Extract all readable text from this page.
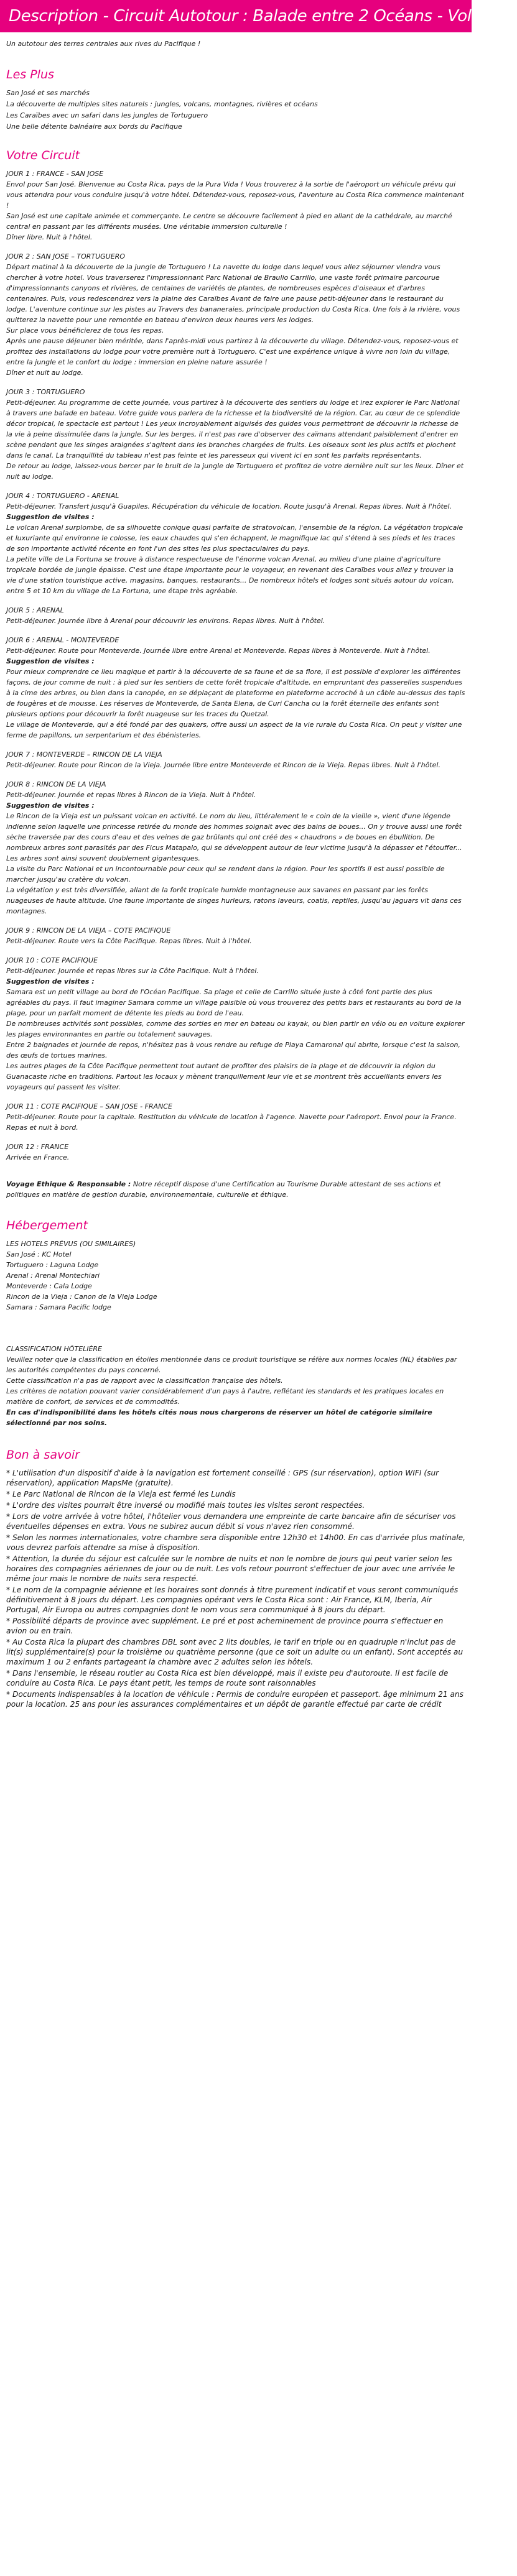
Description - Circuit Autotour : Balade entre 2 Océans - Vols Flex
Un autotour des terres centrales aux rives du Pacifique !
Les Plus
San José et ses marchés
La découverte de multiples sites naturels : jungles, volcans, montagnes, rivières et océans
Les Caraïbes avec un safari dans les jungles de Tortuguero
Une belle détente balnéaire aux bords du Pacifique
Votre Circuit
JOUR 1 : FRANCE - SAN JOSE
Envol pour San José. Bienvenue au Costa Rica, pays de la Pura Vida ! Vous trouverez à la sortie de l'aéroport un véhicule prévu qui vous attendra pour vous conduire jusqu'à votre hôtel. Détendez-vous, reposez-vous, l'aventure au Costa Rica commence maintenant !
San José est une capitale animée et commerçante. Le centre se découvre facilement à pied en allant de la cathédrale, au marché central en passant par les différents musées. Une véritable immersion culturelle !
Dîner libre. Nuit à l'hôtel.
JOUR 2 : SAN JOSE – TORTUGUERO
Départ matinal à la découverte de la jungle de Tortuguero ! La navette du lodge dans lequel vous allez séjourner viendra vous chercher à votre hotel. Vous traverserez l'impressionnant Parc National de Braulio Carrillo, une vaste forêt primaire parcourue d'impressionnants canyons et rivières, de centaines de variétés de plantes, de nombreuses espèces d'oiseaux et d'arbres centenaires. Puis, vous redescendrez vers la plaine des Caraïbes Avant de faire une pause petit-déjeuner dans le restaurant du lodge. L'aventure continue sur les pistes au Travers des bananeraies, principale production du Costa Rica. Une fois à la rivière, vous quitterez la navette pour une remontée en bateau d'environ deux heures vers les lodges.
Sur place vous bénéficierez de tous les repas.
Après une pause déjeuner bien méritée, dans l'après-midi vous partirez à la découverte du village. Détendez-vous, reposez-vous et profitez des installations du lodge pour votre première nuit à Tortuguero. C'est une expérience unique à vivre non loin du village, entre la jungle et le confort du lodge : immersion en pleine nature assurée !
Dîner et nuit au lodge.
JOUR 3 : TORTUGUERO
Petit-déjeuner. Au programme de cette journée, vous partirez à la découverte des sentiers du lodge et irez explorer le Parc National à travers une balade en bateau. Votre guide vous parlera de la richesse et la biodiversité de la région. Car, au cœur de ce splendide décor tropical, le spectacle est partout ! Les yeux incroyablement aiguisés des guides vous permettront de découvrir la richesse de la vie à peine dissimulée dans la jungle. Sur les berges, il n'est pas rare d'observer des caïmans attendant paisiblement d'entrer en scène pendant que les singes araignées s'agitent dans les branches chargées de fruits. Les oiseaux sont les plus actifs et piochent dans le canal. La tranquillité du tableau n'est pas feinte et les paresseux qui vivent ici en sont les parfaits représentants.
De retour au lodge, laissez-vous bercer par le bruit de la jungle de Tortuguero et profitez de votre dernière nuit sur les lieux. Dîner et nuit au lodge.
JOUR 4 : TORTUGUERO - ARENAL
Petit-déjeuner. Transfert jusqu'à Guapiles. Récupération du véhicule de location. Route jusqu'à Arenal. Repas libres. Nuit à l'hôtel.
Suggestion de visites :
Le volcan Arenal surplombe, de sa silhouette conique quasi parfaite de stratovolcan, l'ensemble de la région. La végétation tropicale et luxuriante qui environne le colosse, les eaux chaudes qui s'en échappent, le magnifique lac qui s'étend à ses pieds et les traces de son importante activité récente en font l'un des sites les plus spectaculaires du pays.
La petite ville de La Fortuna se trouve à distance respectueuse de l'énorme volcan Arenal, au milieu d'une plaine d'agriculture tropicale bordée de jungle épaisse. C'est une étape importante pour le voyageur, en revenant des Caraïbes vous allez y trouver la vie d'une station touristique active, magasins, banques, restaurants... De nombreux hôtels et lodges sont situés autour du volcan, entre 5 et 10 km du village de La Fortuna, une étape très agréable.
JOUR 5 : ARENAL
Petit-déjeuner. Journée libre à Arenal pour découvrir les environs. Repas libres. Nuit à l'hôtel.
JOUR 6 : ARENAL - MONTEVERDE
Petit-déjeuner. Route pour Monteverde. Journée libre entre Arenal et Monteverde. Repas libres à Monteverde. Nuit à l'hôtel.
Suggestion de visites :
Pour mieux comprendre ce lieu magique et partir à la découverte de sa faune et de sa flore, il est possible d'explorer les différentes façons, de jour comme de nuit : à pied sur les sentiers de cette forêt tropicale d'altitude, en empruntant des passerelles suspendues à la cime des arbres, ou bien dans la canopée, en se déplaçant de plateforme en plateforme accroché à un câble au-dessus des tapis de fougères et de mousse. Les réserves de Monteverde, de Santa Elena, de Curi Cancha ou la forêt éternelle des enfants sont plusieurs options pour découvrir la forêt nuageuse sur les traces du Quetzal.
Le village de Monteverde, qui a été fondé par des quakers, offre aussi un aspect de la vie rurale du Costa Rica. On peut y visiter une ferme de papillons, un serpentarium et des ébénisteries.
JOUR 7 : MONTEVERDE – RINCON DE LA VIEJA
Petit-déjeuner. Route pour Rincon de la Vieja. Journée libre entre Monteverde et Rincon de la Vieja. Repas libres. Nuit à l'hôtel.
JOUR 8 : RINCON DE LA VIEJA
Petit-déjeuner. Journée et repas libres à Rincon de la Vieja. Nuit à l'hôtel.
Suggestion de visites :
Le Rincon de la Vieja est un puissant volcan en activité. Le nom du lieu, littéralement le « coin de la vieille », vient d'une légende indienne selon laquelle une princesse retirée du monde des hommes soignait avec des bains de boues... On y trouve aussi une forêt sèche traversée par des cours d'eau et des veines de gaz brûlants qui ont créé des « chaudrons » de boues en ébullition. De nombreux arbres sont parasités par des Ficus Matapalo, qui se développent autour de leur victime jusqu'à la dépasser et l'étouffer... Les arbres sont ainsi souvent doublement gigantesques.
La visite du Parc National et un incontournable pour ceux qui se rendent dans la région. Pour les sportifs il est aussi possible de marcher jusqu'au cratère du volcan.
La végétation y est très diversifiée, allant de la forêt tropicale humide montagneuse aux savanes en passant par les forêts nuageuses de haute altitude. Une faune importante de singes hurleurs, ratons laveurs, coatis, reptiles, jusqu'au jaguars vit dans ces montagnes.
JOUR 9 : RINCON DE LA VIEJA – COTE PACIFIQUE
Petit-déjeuner. Route vers la Côte Pacifique. Repas libres. Nuit à l'hôtel.
JOUR 10 : COTE PACIFIQUE
Petit-déjeuner. Journée et repas libres sur la Côte Pacifique. Nuit à l'hôtel.
Suggestion de visites :
Samara est un petit village au bord de l'Océan Pacifique. Sa plage et celle de Carrillo située juste à côté font partie des plus agréables du pays. Il faut imaginer Samara comme un village paisible où vous trouverez des petits bars et restaurants au bord de la plage, pour un parfait moment de détente les pieds au bord de l'eau.
De nombreuses activités sont possibles, comme des sorties en mer en bateau ou kayak, ou bien partir en vélo ou en voiture explorer les plages environnantes en partie ou totalement sauvages.
Entre 2 baignades et journée de repos, n'hésitez pas à vous rendre au refuge de Playa Camaronal qui abrite, lorsque c'est la saison, des œufs de tortues marines.
Les autres plages de la Côte Pacifique permettent tout autant de profiter des plaisirs de la plage et de découvrir la région du Guanacaste riche en traditions. Partout les locaux y mènent tranquillement leur vie et se montrent très accueillants envers les voyageurs qui passent les visiter.
JOUR 11 : COTE PACIFIQUE – SAN JOSE - FRANCE
Petit-déjeuner. Route pour la capitale. Restitution du véhicule de location à l'agence. Navette pour l'aéroport. Envol pour la France. Repas et nuit à bord.
JOUR 12 : FRANCE
Arrivée en France.
Voyage Ethique & Responsable : Notre réceptif dispose d'une Certification au Tourisme Durable attestant de ses actions et politiques en matière de gestion durable, environnementale, culturelle et éthique.
Hébergement
LES HOTELS PRÉVUS (OU SIMILAIRES)
San José : KC Hotel
Tortuguero : Laguna Lodge
Arenal : Arenal Montechiari
Monteverde : Cala Lodge
Rincon de la Vieja : Canon de la Vieja Lodge
Samara : Samara Pacific lodge
CLASSIFICATION HÔTELIÈRE
Veuillez noter que la classification en étoiles mentionnée dans ce produit touristique se réfère aux normes locales (NL) établies par les autorités compétentes du pays concerné.
Cette classification n'a pas de rapport avec la classification française des hôtels.
Les critères de notation pouvant varier considérablement d'un pays à l'autre, reflétant les standards et les pratiques locales en matière de confort, de services et de commodités.
En cas d'indisponibilité dans les hôtels cités nous nous chargerons de réserver un hôtel de catégorie similaire sélectionné par nos soins.
Bon à savoir

* L'utilisation d'un dispositif d'aide à la navigation est fortement conseillé : GPS (sur réservation), option WIFI (sur réservation), application MapsMe (gratuite).

* Le Parc National de Rincon de la Vieja est fermé les Lundis

* L'ordre des visites pourrait être inversé ou modifié mais toutes les visites seront respectées.

* Lors de votre arrivée à votre hôtel, l'hôtelier vous demandera une empreinte de carte bancaire afin de sécuriser vos éventuelles dépenses en extra. Vous ne subirez aucun débit si vous n'avez rien consommé.

* Selon les normes internationales, votre chambre sera disponible entre 12h30 et 14h00. En cas d'arrivée plus matinale, vous devrez parfois attendre sa mise à disposition.

* Attention, la durée du séjour est calculée sur le nombre de nuits et non le nombre de jours qui peut varier selon les horaires des compagnies aériennes de jour ou de nuit. Les vols retour pourront s'effectuer de jour avec une arrivée le même jour mais le nombre de nuits sera respecté.

* Le nom de la compagnie aérienne et les horaires sont donnés à titre purement indicatif et vous seront communiqués définitivement à 8 jours du départ. Les compagnies opérant vers le Costa Rica sont : Air France, KLM, Iberia, Air Portugal, Air Europa ou autres compagnies dont le nom vous sera communiqué à 8 jours du départ.

* Possibilité départs de province avec supplément. Le pré et post acheminement de province pourra s'effectuer en avion ou en train.

* Au Costa Rica la plupart des chambres DBL sont avec 2 lits doubles, le tarif en triple ou en quadruple n'inclut pas de lit(s) supplémentaire(s) pour la troisième ou quatrième personne (que ce soit un adulte ou un enfant). Sont acceptés au maximum 1 ou 2 enfants partageant la chambre avec 2 adultes selon les hôtels.

* Dans l'ensemble, le réseau routier au Costa Rica est bien développé, mais il existe peu d'autoroute. Il est facile de conduire au Costa Rica. Le pays étant petit, les temps de route sont raisonnables

* Documents indispensables à la location de véhicule : Permis de conduire européen et passeport. âge minimum 21 ans pour la location. 25 ans pour les assurances complémentaires et un dépôt de garantie effectué par carte de crédit
